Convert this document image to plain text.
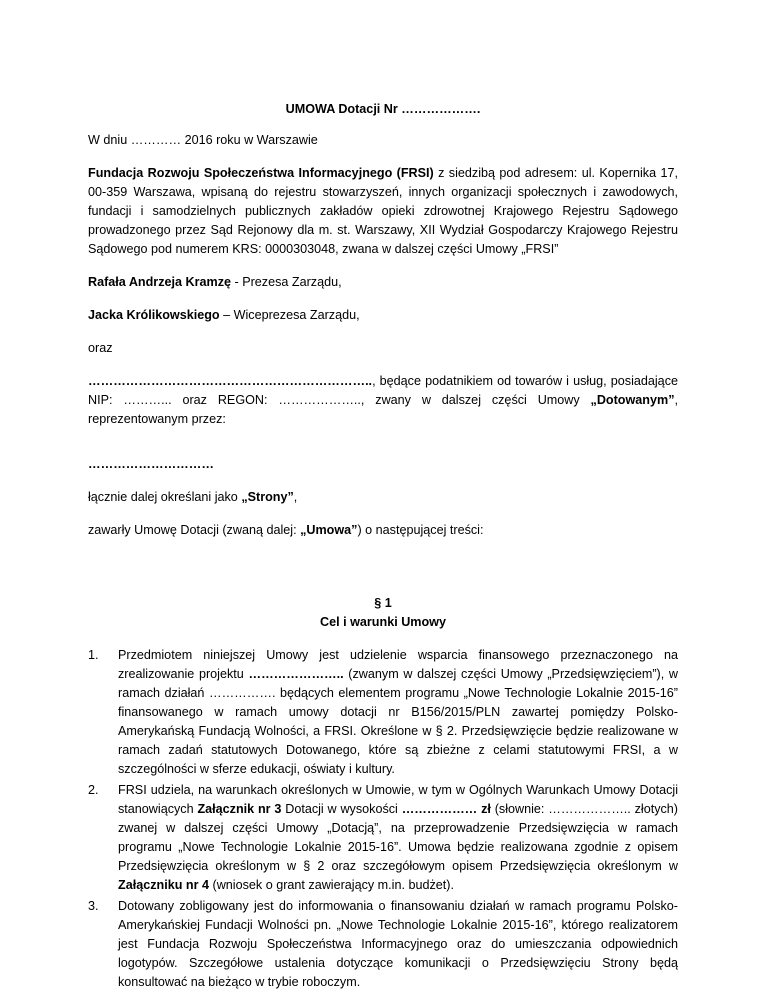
UMOWA Dotacji Nr ……………….

W dniu ………… 2016 roku w Warszawie

Fundacja Rozwoju Społeczeństwa Informacyjnego (FRSI) z siedzibą pod adresem: ul. Kopernika 17, 00-359 Warszawa, wpisaną do rejestru stowarzyszeń, innych organizacji społecznych i zawodowych, fundacji i samodzielnych publicznych zakładów opieki zdrowotnej Krajowego Rejestru Sądowego prowadzonego przez Sąd Rejonowy dla m. st. Warszawy, XII Wydział Gospodarczy Krajowego Rejestru Sądowego pod numerem KRS: 0000303048, zwana w dalszej części Umowy „FRSI”

Rafała Andrzeja Kramzę - Prezesa Zarządu,

Jacka Królikowskiego – Wiceprezesa Zarządu,

oraz

………………………………………………………….., będące podatnikiem od towarów i usług, posiadające NIP: ………... oraz REGON: ……………….., zwany w dalszej części Umowy „Dotowanym”, reprezentowanym przez:

…………………………

łącznie dalej określani jako „Strony”,

zawarły Umowę Dotacji (zwaną dalej: „Umowa”) o następującej treści:

§ 1
Cel i warunki Umowy
1. Przedmiotem niniejszej Umowy jest udzielenie wsparcia finansowego przeznaczonego na zrealizowanie projektu ………………….. (zwanym w dalszej części Umowy „Przedsięwzięciem”), w ramach działań ……………. będących elementem programu „Nowe Technologie Lokalnie 2015-16” finansowanego w ramach umowy dotacji nr B156/2015/PLN zawartej pomiędzy Polsko-Amerykańską Fundacją Wolności, a FRSI. Określone w § 2. Przedsięwzięcie będzie realizowane w ramach zadań statutowych Dotowanego, które są zbieżne z celami statutowymi FRSI, a w szczególności w sferze edukacji, oświaty i kultury.
2. FRSI udziela, na warunkach określonych w Umowie, w tym w Ogólnych Warunkach Umowy Dotacji stanowiących Załącznik nr 3 Dotacji w wysokości ……………… zł (słownie: ……………….. złotych) zwanej w dalszej części Umowy „Dotacją”, na przeprowadzenie Przedsięwzięcia w ramach programu „Nowe Technologie Lokalnie 2015-16”. Umowa będzie realizowana zgodnie z opisem Przedsięwzięcia określonym w § 2 oraz szczegółowym opisem Przedsięwzięcia określonym w Załączniku nr 4 (wniosek o grant zawierający m.in. budżet).
3. Dotowany zobligowany jest do informowania o finansowaniu działań w ramach programu Polsko-Amerykańskiej Fundacji Wolności pn. „Nowe Technologie Lokalnie 2015-16”, którego realizatorem jest Fundacja Rozwoju Społeczeństwa Informacyjnego oraz do umieszczania odpowiednich logotypów. Szczegółowe ustalenia dotyczące komunikacji o Przedsięwzięciu Strony będą konsultować na bieżąco w trybie roboczym.
